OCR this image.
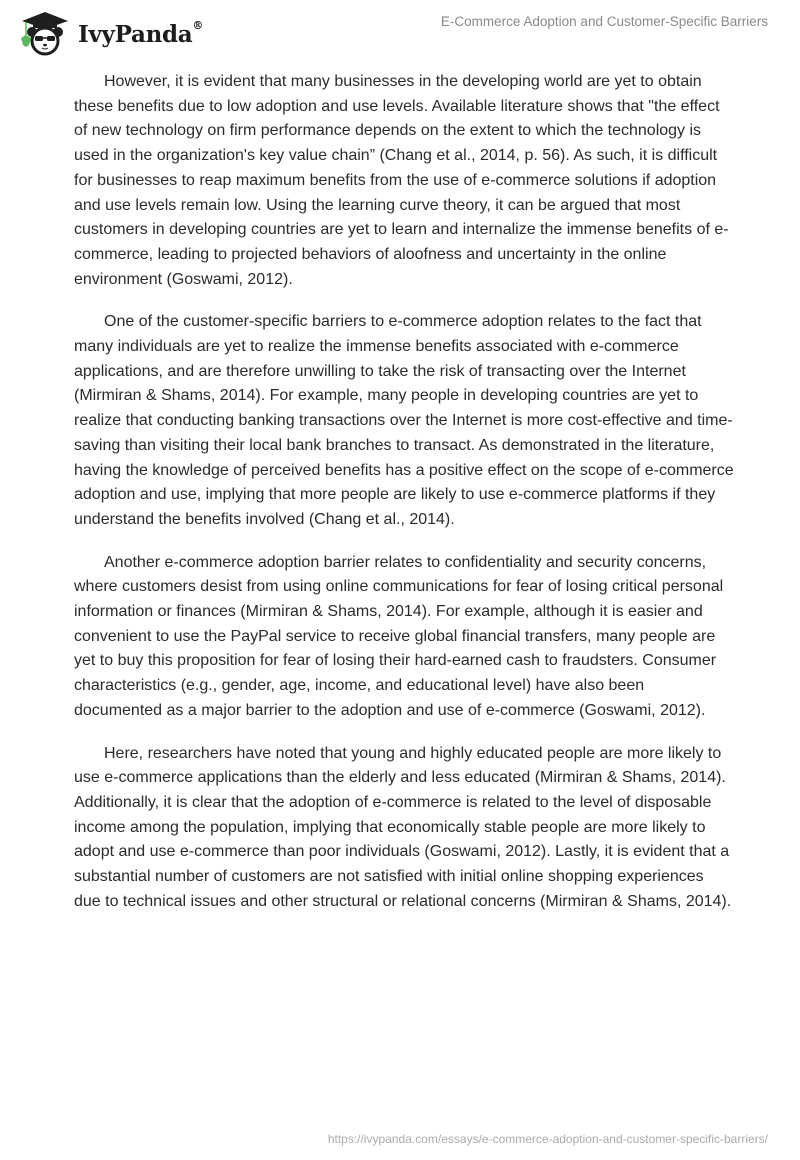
IvyPanda®	E-Commerce Adoption and Customer-Specific Barriers

However, it is evident that many businesses in the developing world are yet to obtain these benefits due to low adoption and use levels. Available literature shows that "the effect of new technology on firm performance depends on the extent to which the technology is used in the organization's key value chain” (Chang et al., 2014, p. 56). As such, it is difficult for businesses to reap maximum benefits from the use of e-commerce solutions if adoption and use levels remain low. Using the learning curve theory, it can be argued that most customers in developing countries are yet to learn and internalize the immense benefits of e-commerce, leading to projected behaviors of aloofness and uncertainty in the online environment (Goswami, 2012).

One of the customer-specific barriers to e-commerce adoption relates to the fact that many individuals are yet to realize the immense benefits associated with e-commerce applications, and are therefore unwilling to take the risk of transacting over the Internet (Mirmiran & Shams, 2014). For example, many people in developing countries are yet to realize that conducting banking transactions over the Internet is more cost-effective and time-saving than visiting their local bank branches to transact. As demonstrated in the literature, having the knowledge of perceived benefits has a positive effect on the scope of e-commerce adoption and use, implying that more people are likely to use e-commerce platforms if they understand the benefits involved (Chang et al., 2014).

Another e-commerce adoption barrier relates to confidentiality and security concerns, where customers desist from using online communications for fear of losing critical personal information or finances (Mirmiran & Shams, 2014). For example, although it is easier and convenient to use the PayPal service to receive global financial transfers, many people are yet to buy this proposition for fear of losing their hard-earned cash to fraudsters. Consumer characteristics (e.g., gender, age, income, and educational level) have also been documented as a major barrier to the adoption and use of e-commerce (Goswami, 2012).

Here, researchers have noted that young and highly educated people are more likely to use e-commerce applications than the elderly and less educated (Mirmiran & Shams, 2014). Additionally, it is clear that the adoption of e-commerce is related to the level of disposable income among the population, implying that economically stable people are more likely to adopt and use e-commerce than poor individuals (Goswami, 2012). Lastly, it is evident that a substantial number of customers are not satisfied with initial online shopping experiences due to technical issues and other structural or relational concerns (Mirmiran & Shams, 2014).

https://ivypanda.com/essays/e-commerce-adoption-and-customer-specific-barriers/
